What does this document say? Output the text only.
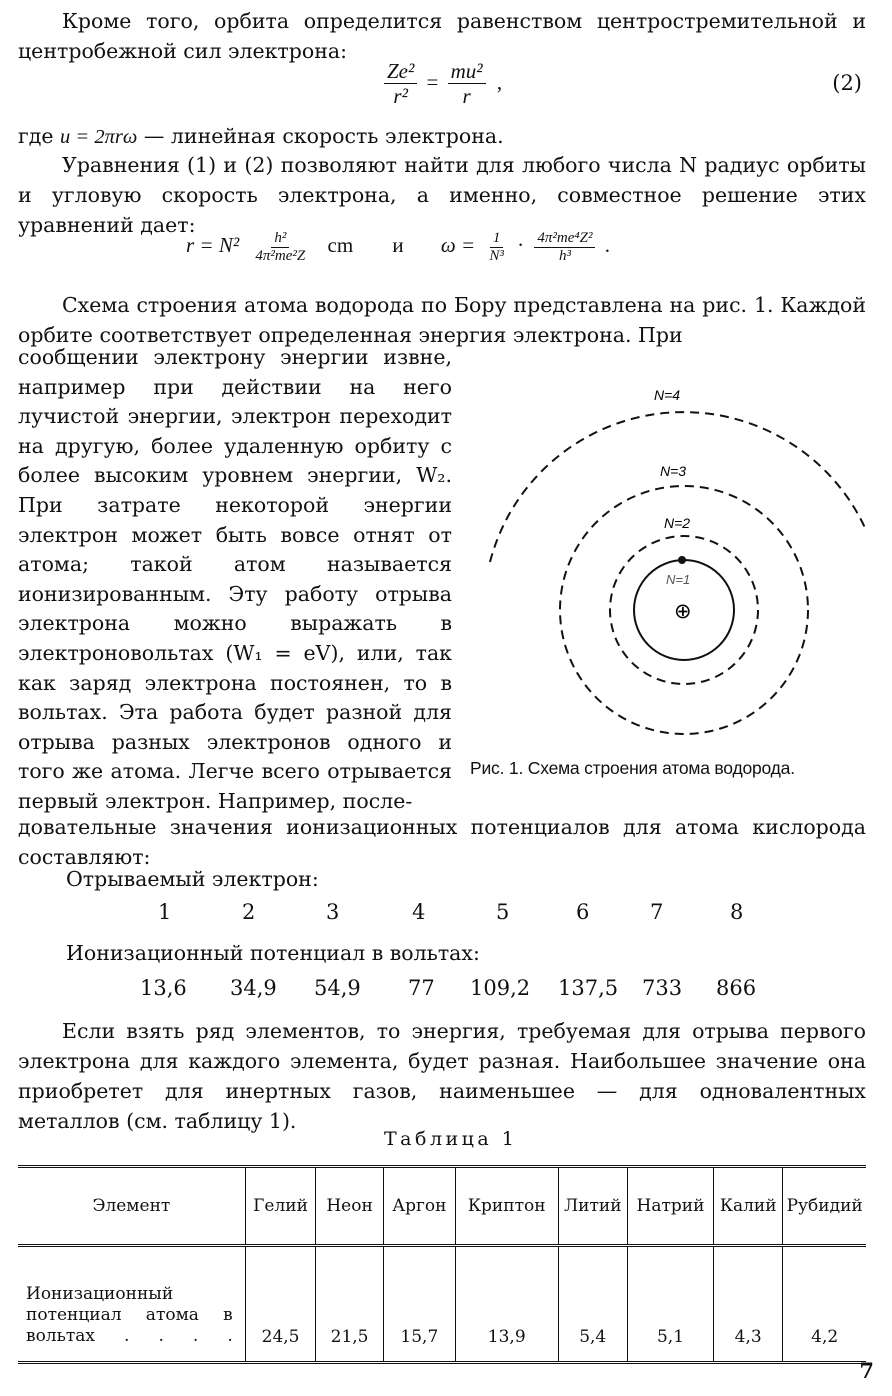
Кроме того, орбита определится равенством центростремительной и центробежной сил электрона:

$\frac{\text{Ze²}}{\text{r²}} = \frac{\text{mu²}}{r}$ ,	(2)

где u = 2πrω — линейная скорость электрона.

Уравнения (1) и (2) позволяют найти для любого числа N радиус орбиты и угловую скорость электрона, а именно, совместное решение этих уравнений дает:

$r = N^2 \frac{\text{h²}}{\text{4π²me²Z}}$ cm и $\omega = \frac{1}{\text{N³}} \cdot \frac{\text{4π²me⁴Z²}}{\text{h³}}$ .

Схема строения атома водорода по Бору представлена на рис. 1. Каждой орбите соответствует определенная энергия электрона. При

сообщении электрону энергии извне, например при действии на него лучистой энергии, электрон переходит на другую, более удаленную орбиту с более высоким уровнем энергии, W₂. При затрате некоторой энергии электрон может быть вовсе отнят от атома; такой атом называется ионизированным. Эту работу отрыва электрона можно выражать в электроновольтах (W₁ = eV), или, так как заряд электрона постоянен, то в вольтах. Эта работа будет разной для отрыва разных электронов одного и того же атома. Легче всего отрывается первый электрон. Например, после-

N=4
N=3
N=2
N=1
⊕
Рис. 1. Схема строения атома водорода.

довательные значения ионизационных потенциалов для атома кислорода составляют:

Отрываемый электрон:
1	2	3	4	5	6	7	8
Ионизационный потенциал в вольтах:
13,6 34,9 54,9 77 109,2 137,5 733 866

Если взять ряд элементов, то энергия, требуемая для отрыва первого электрона для каждого элемента, будет разная. Наибольшее значение она приобретет для инертных газов, наименьшее — для одновалентных металлов (см. таблицу 1).

Таблица 1
Элемент	Гелий	Неон	Аргон	Криптон	Литий	Натрий	Калий	Рубидий
Ионизационный потенциал атома в вольтах . . . .	24,5	21,5	15,7	13,9	5,4	5,1	4,3	4,2
7
